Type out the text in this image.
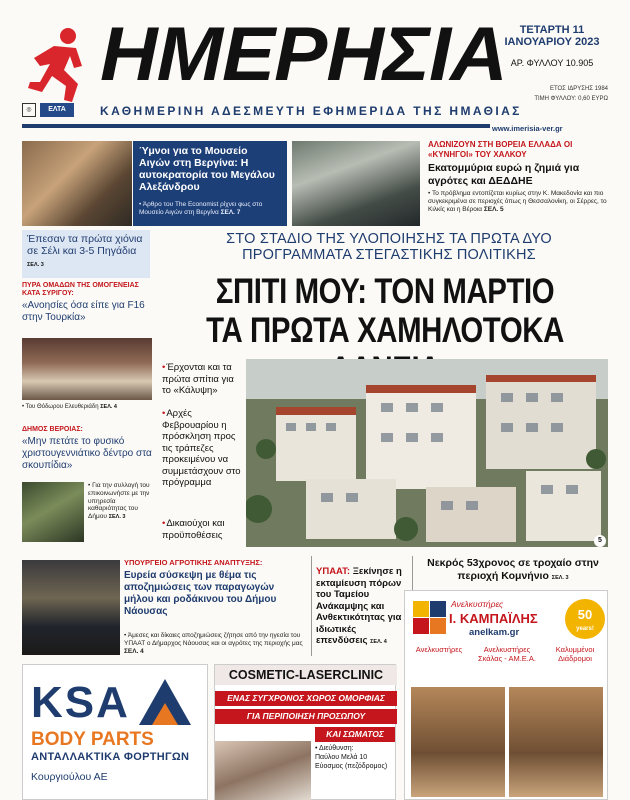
ΗΜΕΡΗΣΙΑ	ΤΕΤΑΡΤΗ 11
ΙΑΝΟΥΑΡΙΟΥ 2023
ΑΡ. ΦΥΛΛΟΥ 10.905
ΕΤΟΣ ΙΔΡΥΣΗΣ 1984
ΤΙΜΗ ΦΥΛΛΟΥ: 0,60 ΕΥΡΩ
◎	ΕΛΤΑ	ΚΑΘΗΜΕΡΙΝΗ ΑΔΕΣΜΕΥΤΗ ΕΦΗΜΕΡΙΔΑ ΤΗΣ ΗΜΑΘΙΑΣ
www.imerisia-ver.gr
Ύμνοι για το Μουσείο Αιγών στη Βεργίνα: Η αυτοκρατορία του Μεγάλου Αλεξάνδρου
• Άρθρο του The Economist ρίχνει φως στο Μουσείο Αιγών στη Βεργίνα ΣΕΛ. 7
ΑΛΩΝΙΖΟΥΝ ΣΤΗ ΒΟΡΕΙΑ ΕΛΛΑΔΑ ΟΙ «ΚΥΝΗΓΟΙ» ΤΟΥ ΧΑΛΚΟΥ
Εκατομμύρια ευρώ η ζημιά για αγρότες και ΔΕΔΔΗΕ
• Το πρόβλημα εντοπίζεται κυρίως στην Κ. Μακεδονία και πιο συγκεκριμένα σε περιοχές όπως η Θεσσαλονίκη, οι Σέρρες, το Κιλκίς και η Βέροια ΣΕΛ. 5
Έπεσαν τα πρώτα χιόνια σε Σέλι και 3-5 Πηγάδια ΣΕΛ. 3
ΠΥΡΑ ΟΜΑΔΩΝ ΤΗΣ ΟΜΟΓΕΝΕΙΑΣ ΚΑΤΑ ΣΥΡΙΓΟΥ:
«Ανοησίες όσα είπε για F16 στην Τουρκία»
• Του Θόδωρου Ελευθεριάδη ΣΕΛ. 4
ΔΗΜΟΣ ΒΕΡΟΙΑΣ:
«Μην πετάτε το φυσικό χριστουγεννιάτικο δέντρο στα σκουπίδια»
• Για την συλλογή του επικοινωνήστε με την υπηρεσία καθαριότητας του Δήμου ΣΕΛ. 3
ΣΤΟ ΣΤΑΔΙΟ ΤΗΣ ΥΛΟΠΟΙΗΣΗΣ ΤΑ ΠΡΩΤΑ ΔΥΟ ΠΡΟΓΡΑΜΜΑΤΑ ΣΤΕΓΑΣΤΙΚΗΣ ΠΟΛΙΤΙΚΗΣ
ΣΠΙΤΙ ΜΟΥ: ΤΟΝ ΜΑΡΤΙΟ ΤΑ ΠΡΩΤΑ ΧΑΜΗΛΟΤΟΚΑ
• Έρχονται και τα πρώτα σπίτια για το «Κάλυψη»
• Αρχές Φεβρουαρίου η πρόσκληση προς τις τράπεζες προκειμένου να συμμετάσχουν στο πρόγραμμα
• Δικαιούχοι και προϋποθέσεις	5
ΥΠΟΥΡΓΕΙΟ ΑΓΡΟΤΙΚΗΣ ΑΝΑΠΤΥΞΗΣ:
Ευρεία σύσκεψη με θέμα τις αποζημιώσεις των παραγωγών μήλου και ροδάκινου του Δήμου Νάουσας
• Άμεσες και δίκαιες αποζημιώσεις ζήτησε από την ηγεσία του ΥΠΑΑΤ ο Δήμαρχος Νάουσας και οι αγρότες της περιοχής μας ΣΕΛ. 4
ΥΠΑΑΤ: Ξεκίνησε η εκταμίευση πόρων του Ταμείου Ανάκαμψης και Ανθεκτικότητας για ιδιωτικές επενδύσεις ΣΕΛ. 4
Νεκρός 53χρονος σε τροχαίο στην περιοχή Κομνήνιο ΣΕΛ. 3
KSA
BODY PARTS
ΑΝΤΑΛΛΑΚΤΙΚΑ ΦΟΡΤΗΓΩΝ
Κουργιούλου ΑΕ
COSMETIC-LASERCLINIC
ΕΝΑΣ ΣΥΓΧΡΟΝΟΣ ΧΩΡΟΣ ΟΜΟΡΦΙΑΣ
ΓΙΑ ΠΕΡΙΠΟΙΗΣΗ ΠΡΟΣΩΠΟΥ
ΚΑΙ ΣΩΜΑΤΟΣ
• Διεύθυνση:
Παύλου Μελά 10 Εύοσμος (πεζόδρομος)
Ανελκυστήρες
Ι. ΚΑΜΠΑΪΛΗΣ
anelkam.gr
50
years!
Ανελκυστήρες	Ανελκυστήρες Σκάλας - ΑΜ.Ε.Α.
Καλυμμένοι Διάδρομοι
